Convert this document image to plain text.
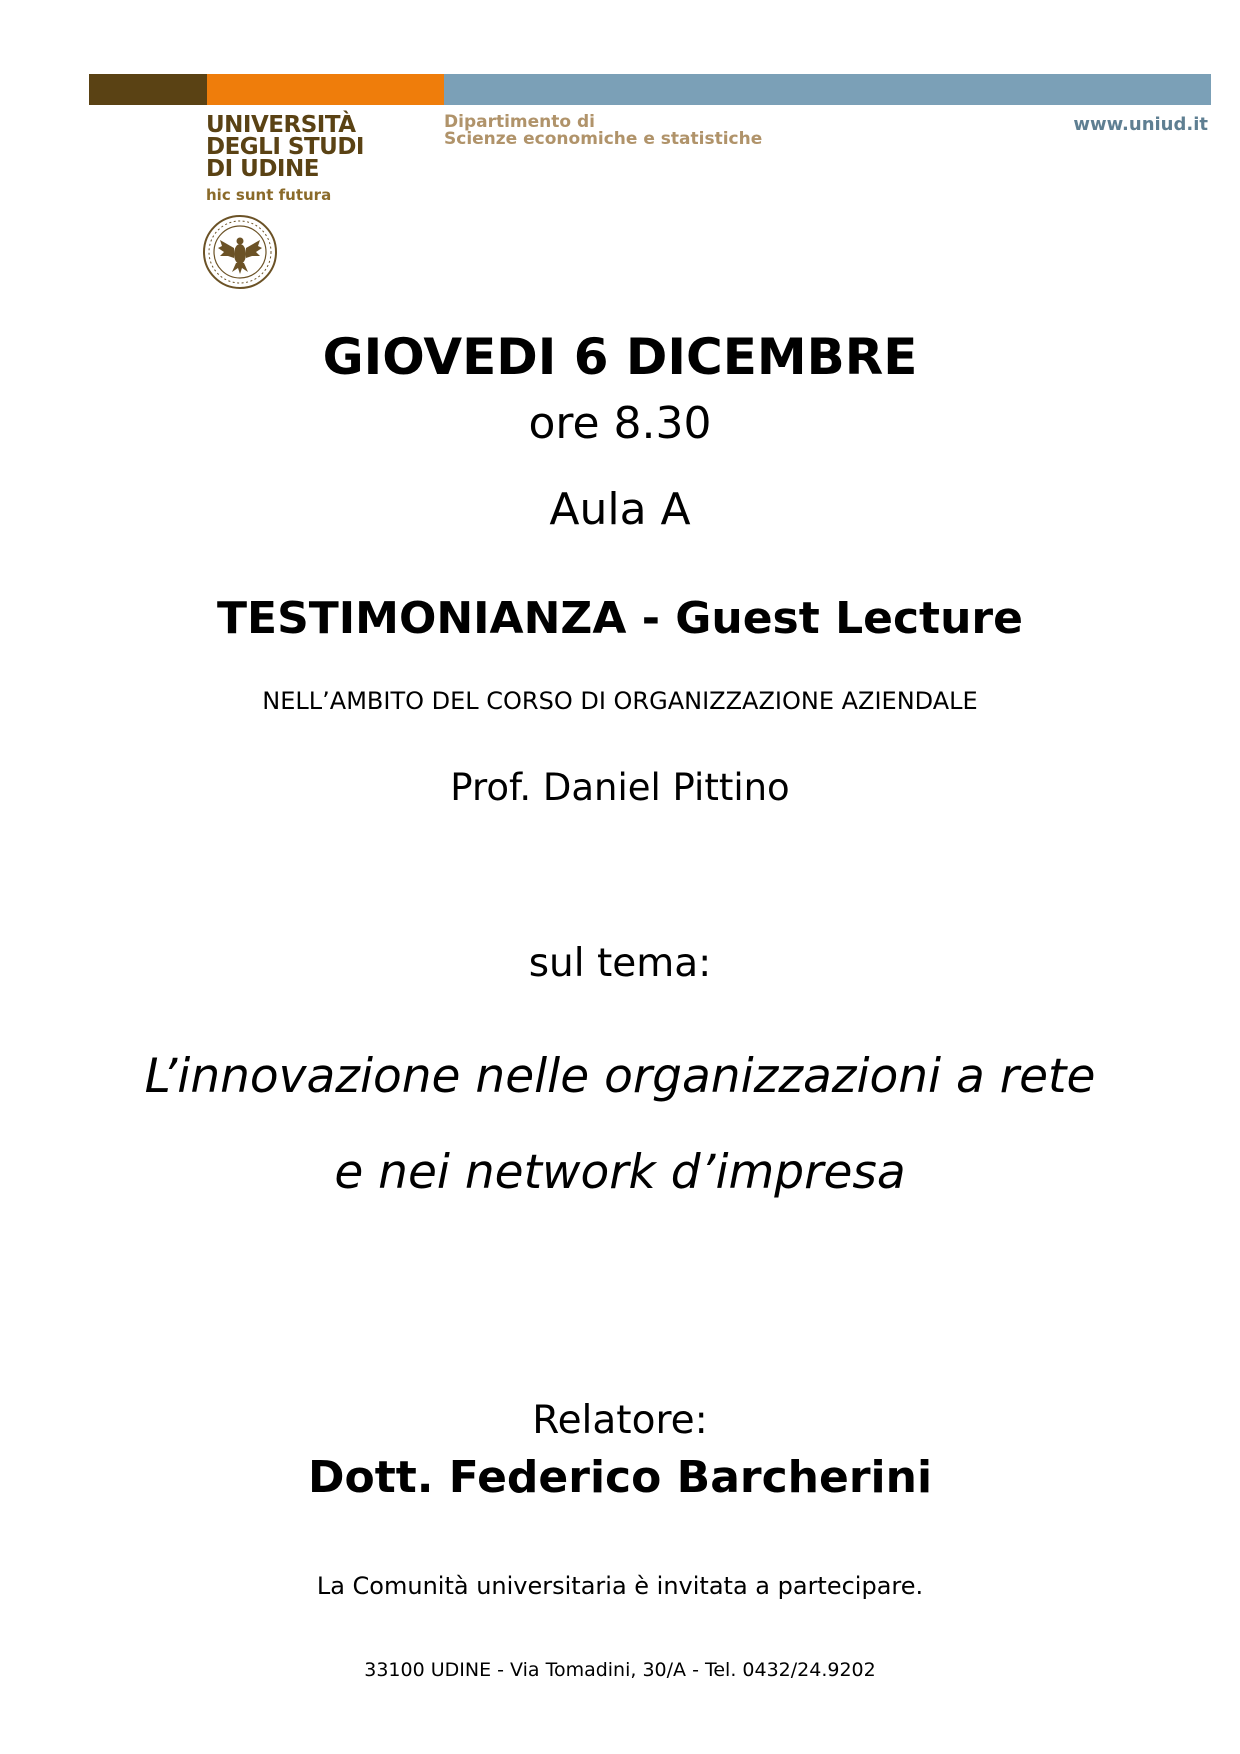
UNIVERSITÀ
DEGLI STUDI
DI UDINE
hic sunt futura
Dipartimento di
Scienze economiche e statistiche
www.uniud.it
GIOVEDI 6 DICEMBRE
ore 8.30
Aula A
TESTIMONIANZA - Guest Lecture
NELL’AMBITO DEL CORSO DI ORGANIZZAZIONE AZIENDALE
Prof. Daniel Pittino
sul tema:
L’innovazione nelle organizzazioni a rete
e nei network d’impresa
Relatore:
Dott. Federico Barcherini
La Comunità universitaria è invitata a partecipare.
33100 UDINE - Via Tomadini, 30/A - Tel. 0432/24.9202
